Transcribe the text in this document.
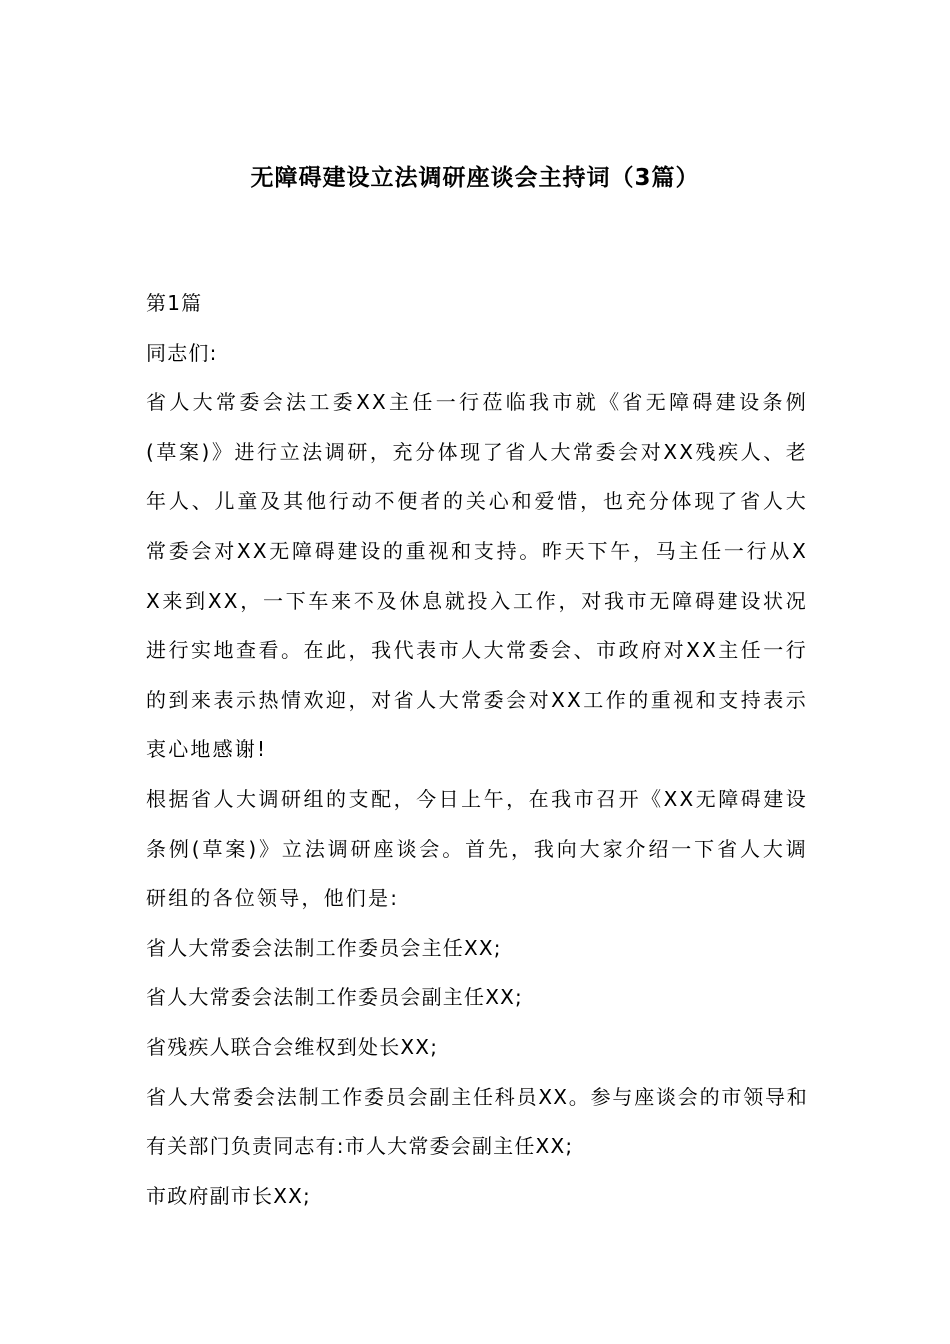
无障碍建设立法调研座谈会主持词（3篇）

第1篇

同志们:

省人大常委会法工委XX主任一行莅临我市就《省无障碍建设条例(草案)》进行立法调研，充分体现了省人大常委会对XX残疾人、老年人、儿童及其他行动不便者的关心和爱惜，也充分体现了省人大常委会对XX无障碍建设的重视和支持。昨天下午，马主任一行从XX来到XX，一下车来不及休息就投入工作，对我市无障碍建设状况进行实地查看。在此，我代表市人大常委会、市政府对XX主任一行的到来表示热情欢迎，对省人大常委会对XX工作的重视和支持表示衷心地感谢!

根据省人大调研组的支配，今日上午，在我市召开《XX无障碍建设条例(草案)》立法调研座谈会。首先，我向大家介绍一下省人大调研组的各位领导，他们是:

省人大常委会法制工作委员会主任XX;

省人大常委会法制工作委员会副主任XX;

省残疾人联合会维权到处长XX;

省人大常委会法制工作委员会副主任科员XX。参与座谈会的市领导和有关部门负责同志有:市人大常委会副主任XX;

市政府副市长XX;
